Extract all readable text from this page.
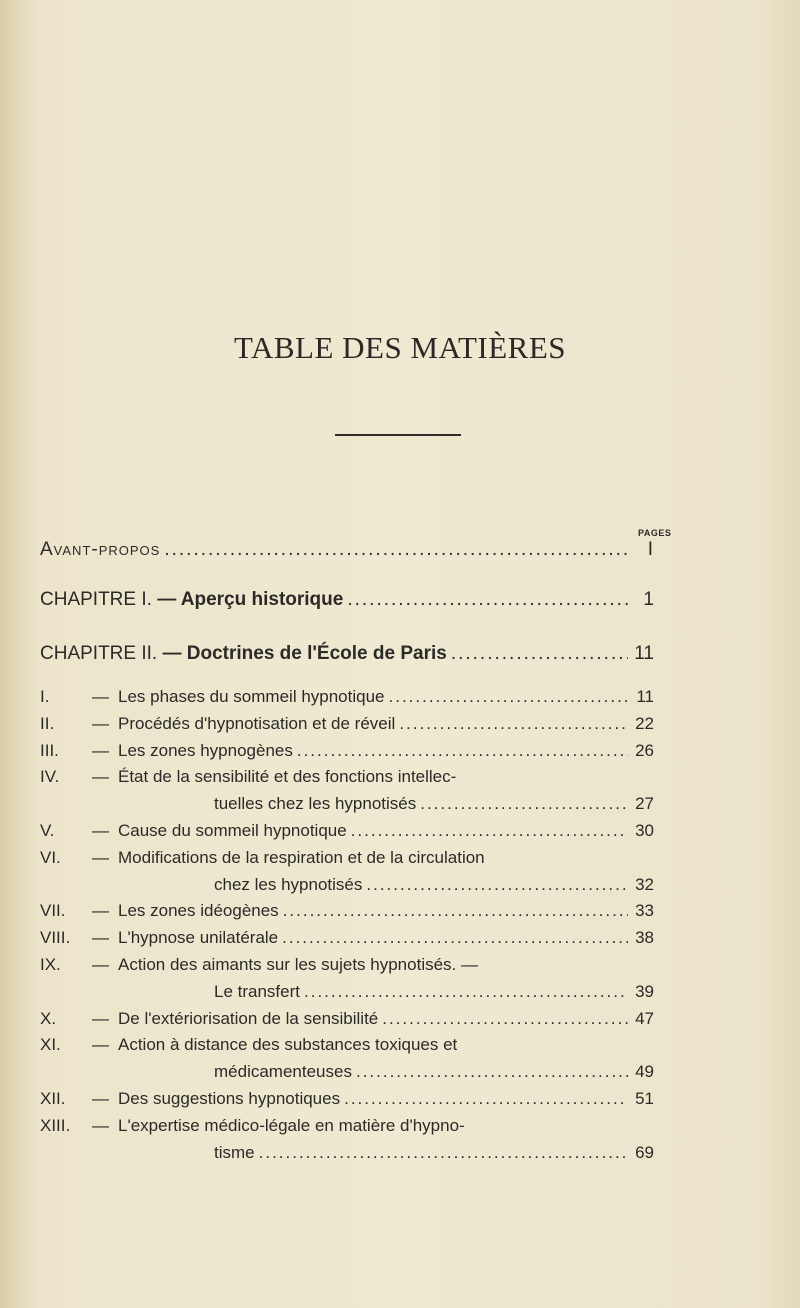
TABLE DES MATIÈRES
PAGES
Avant-propos .....	I
CHAPITRE I.
— Aperçu historique .....	1
CHAPITRE II.
— Doctrines de l'École de Paris .....	11
I.	— Les phases du sommeil hypnotique .....	11
II.	— Procédés d'hypnotisation et de réveil .....	22
III.	— Les zones hypnogènes .....	26
IV.	— État de la sensibilité et des fonctions intellec-
tuelles chez les hypnotisés .....	27
V.	— Cause du sommeil hypnotique .....	30
VI.	— Modifications de la respiration et de la circulation
chez les hypnotisés .....	32
VII.	— Les zones idéogènes .....	33
VIII.	— L'hypnose unilatérale .....	38
IX.	— Action des aimants sur les sujets hypnotisés. —
Le transfert .....	39
X.	— De l'extériorisation de la sensibilité .....	47
XI.	— Action à distance des substances toxiques et
médicamenteuses .....	49
XII.	— Des suggestions hypnotiques .....	51
XIII.	— L'expertise médico-légale en matière d'hypno-
tisme .....	69
